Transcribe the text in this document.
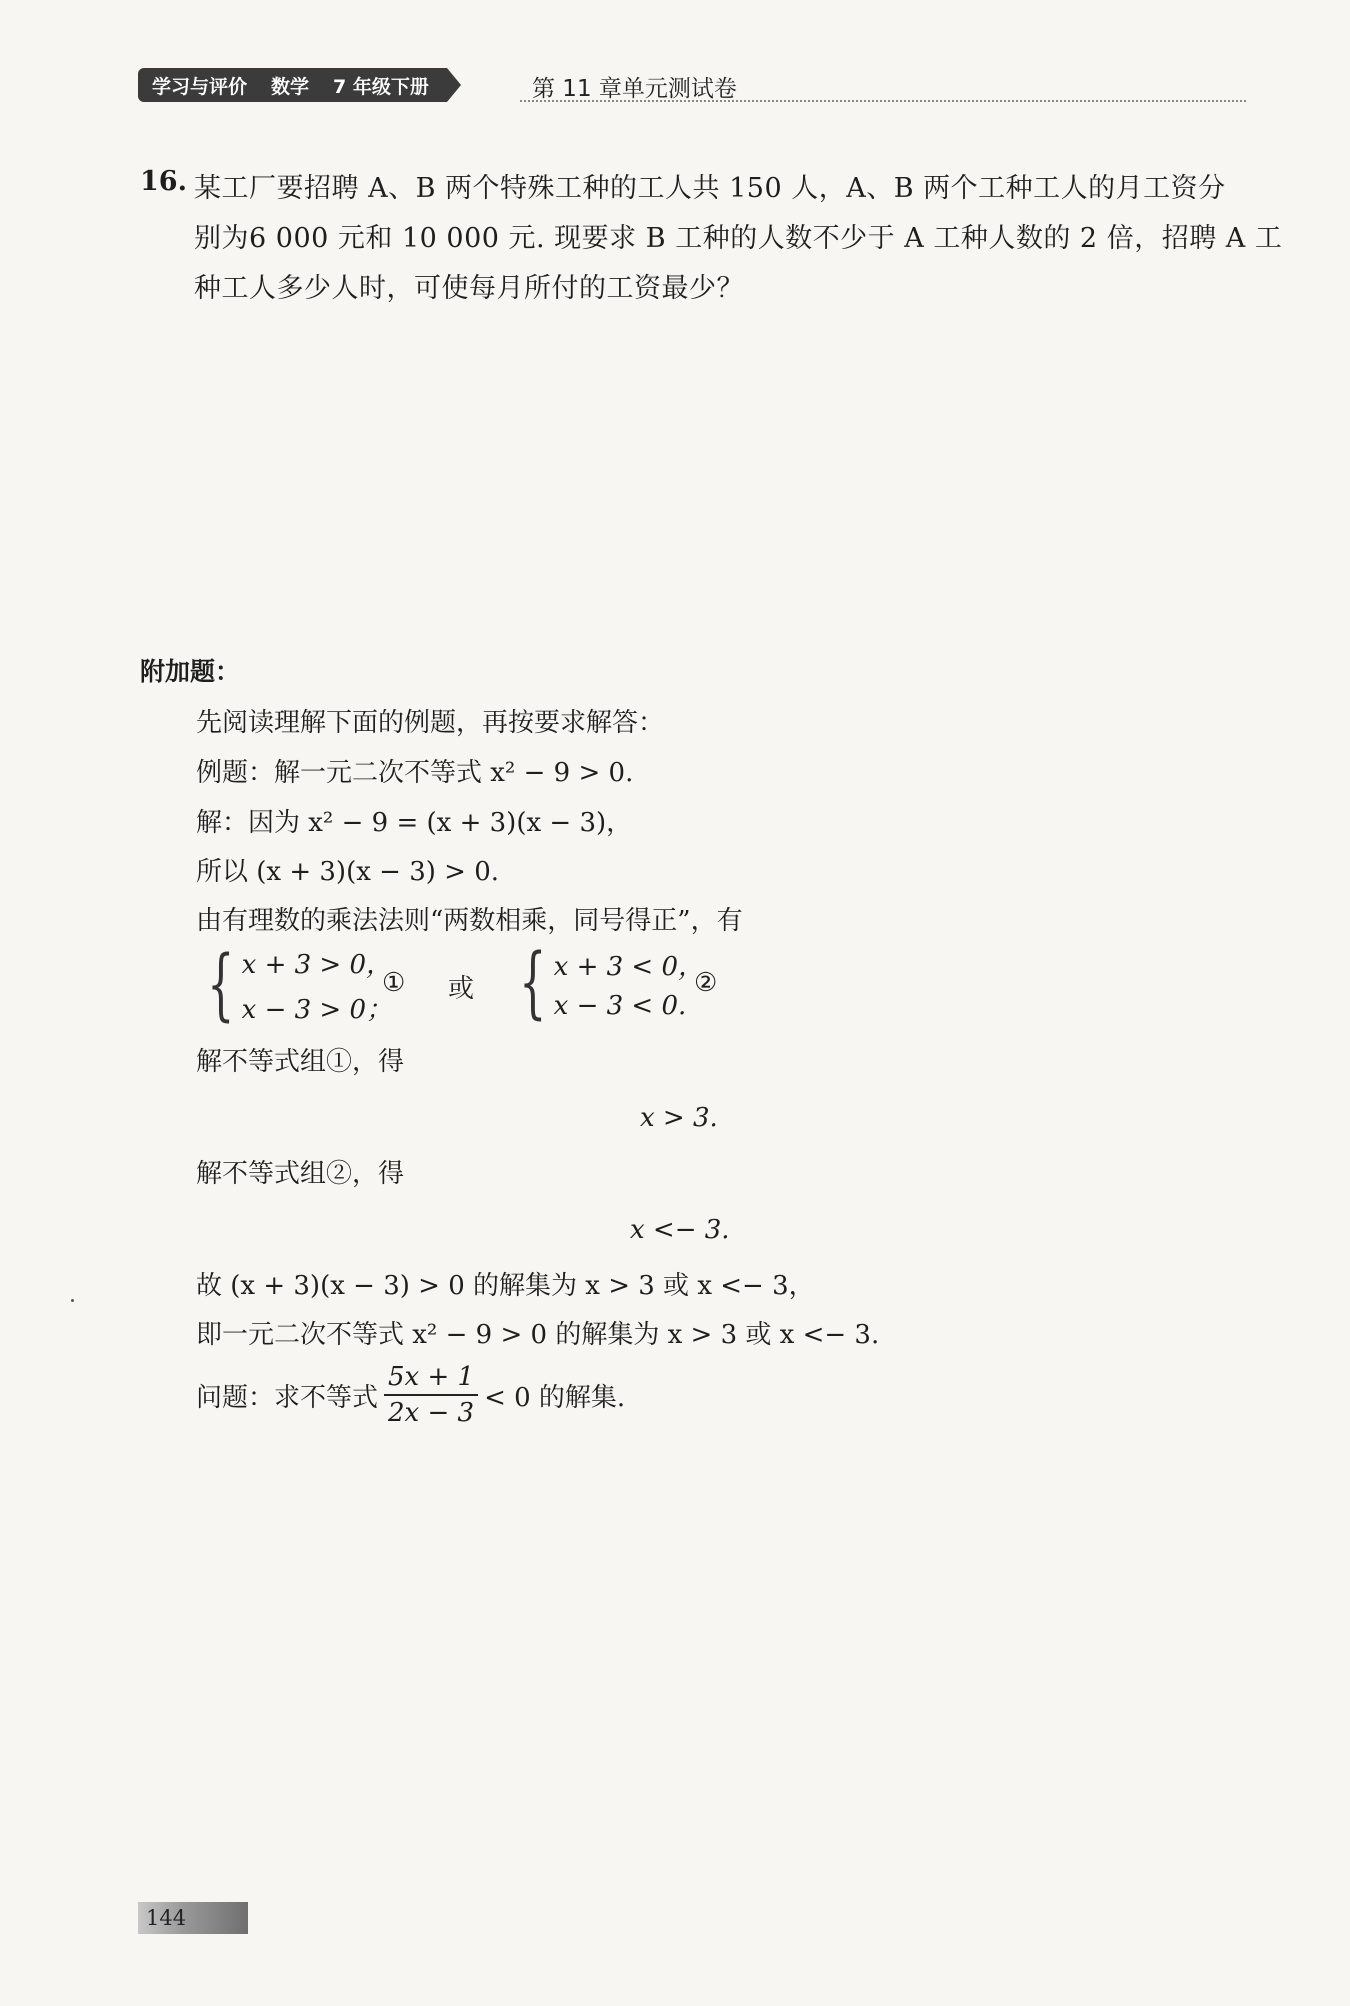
学习与评价 数学 7 年级下册	第 11 章单元测试卷
16. 某工厂要招聘 A、B 两个特殊工种的工人共 150 人，A、B 两个工种工人的月工资分
别为6 000 元和 10 000 元. 现要求 B 工种的人数不少于 A 工种人数的 2 倍，招聘 A 工
种工人多少人时，可使每月所付的工资最少？
附加题：
先阅读理解下面的例题，再按要求解答：
例题：解一元二次不等式 x² − 9 > 0.
解：因为 x² − 9 = (x + 3)(x − 3)，
所以 (x + 3)(x − 3) > 0.
由有理数的乘法法则“两数相乘，同号得正”，有
{ x + 3 > 0，
x − 3 > 0；
① 或 { x + 3 < 0，
x − 3 < 0.
②
解不等式组①，得
x > 3.
解不等式组②，得
x <− 3.
故 (x + 3)(x − 3) > 0 的解集为 x > 3 或 x <− 3，
即一元二次不等式 x² − 9 > 0 的解集为 x > 3 或 x <− 3.
问题：求不等式 $\frac{5x + 1}{2x - 3} < 0$ 的解集.
144
